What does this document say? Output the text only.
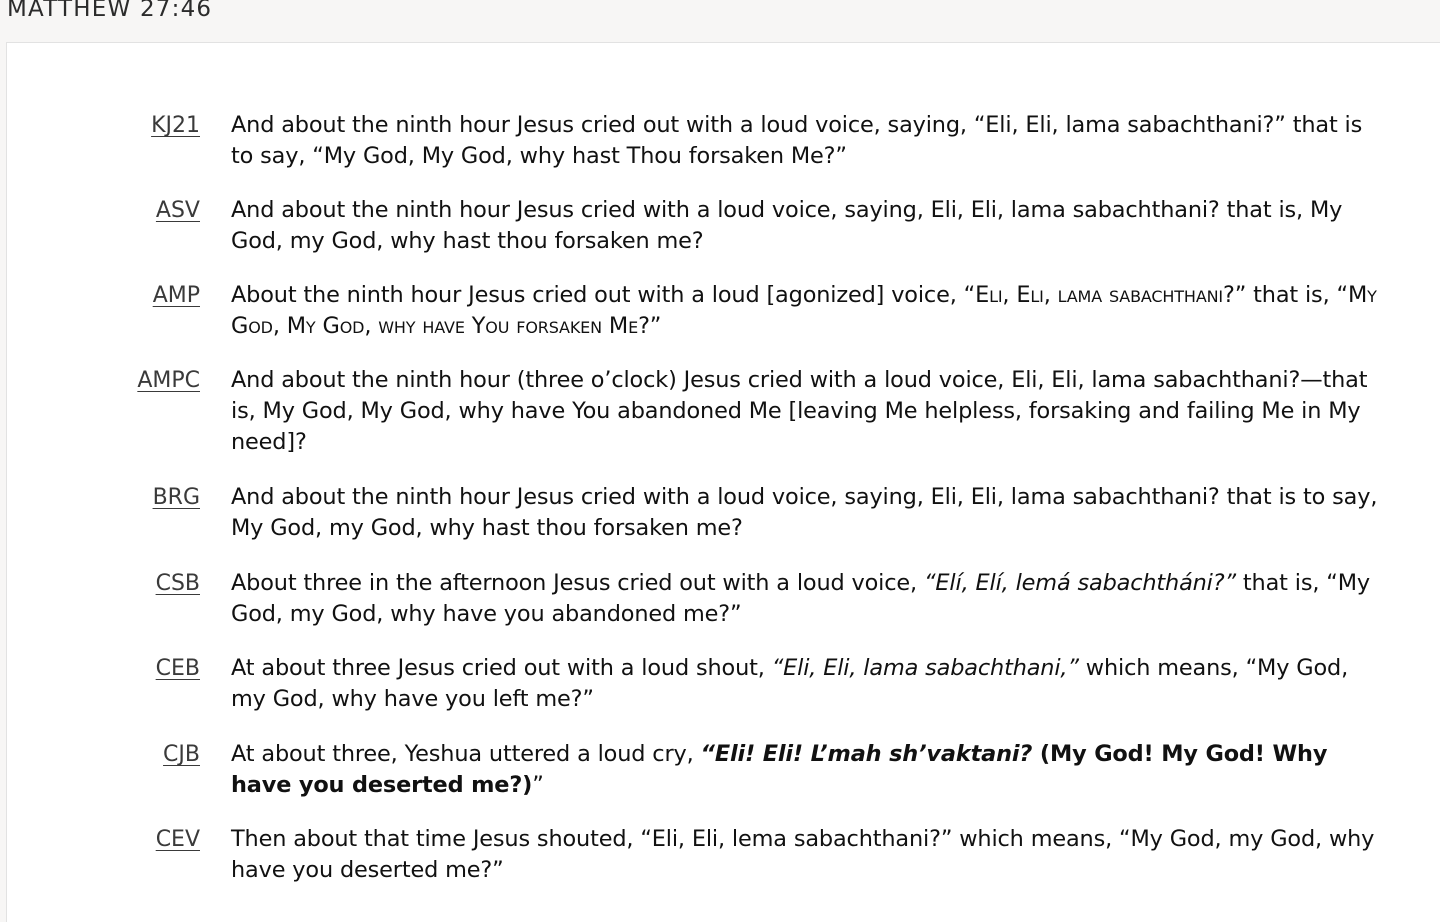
MATTHEW 27:46
KJ21 And about the ninth hour Jesus cried out with a loud voice, saying, “Eli, Eli, lama sabachthani?” that is to say, “My God, My God, why hast Thou forsaken Me?”
ASV And about the ninth hour Jesus cried with a loud voice, saying, Eli, Eli, lama sabachthani? that is, My God, my God, why hast thou forsaken me?
AMP About the ninth hour Jesus cried out with a loud [agonized] voice, “Eli, Eli, lama sabachthani?” that is, “My God, My God, why have You forsaken Me?”
AMPC And about the ninth hour (three o’clock) Jesus cried with a loud voice, Eli, Eli, lama sabachthani?—that is, My God, My God, why have You abandoned Me [leaving Me helpless, forsaking and failing Me in My need]?
BRG And about the ninth hour Jesus cried with a loud voice, saying, Eli, Eli, lama sabachthani? that is to say, My God, my God, why hast thou forsaken me?
CSB About three in the afternoon Jesus cried out with a loud voice, “Elí, Elí, lemá sabachtháni?” that is, “My God, my God, why have you abandoned me?”
CEB At about three Jesus cried out with a loud shout, “Eli, Eli, lama sabachthani,” which means, “My God, my God, why have you left me?”
CJB At about three, Yeshua uttered a loud cry, “Eli! Eli! L’mah sh’vaktani? (My God! My God! Why have you deserted me?)”
CEV Then about that time Jesus shouted, “Eli, Eli, lema sabachthani?” which means, “My God, my God, why have you deserted me?”
